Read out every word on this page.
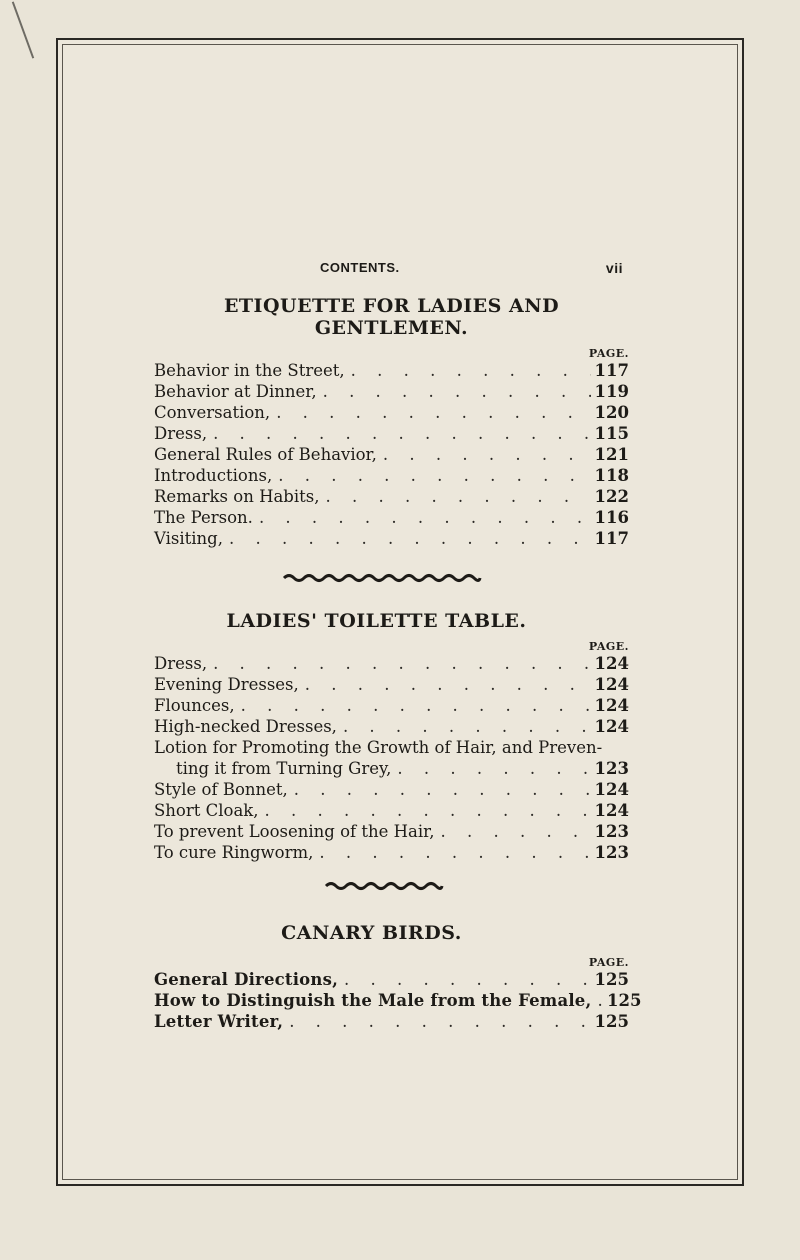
CONTENTS.	vii
ETIQUETTE FOR LADIES AND GENTLEMEN.
PAGE.
Behavior in the Street, . . .	117
Behavior at Dinner, . . .	119
Conversation, . . .	120
Dress, . . .	115
General Rules of Behavior, . . .	121
Introductions, . . .	118
Remarks on Habits, . . .	122
The Person. . . .	116
Visiting, . . .	117
LADIES' TOILETTE TABLE.
PAGE.
Dress, . . .	124
Evening Dresses, . . .	124
Flounces, . . .	124
High-necked Dresses, . . .	124
Lotion for Promoting the Growth of Hair, and Preven-
ting it from Turning Grey, . . .	123
Style of Bonnet, . . .	124
Short Cloak, . . .	124
To prevent Loosening of the Hair, . . .	123
To cure Ringworm, . . .	123
CANARY BIRDS.
PAGE.
General Directions, . . .	125
How to Distinguish the Male from the Female, . . . 125
Letter Writer, . . .	125
